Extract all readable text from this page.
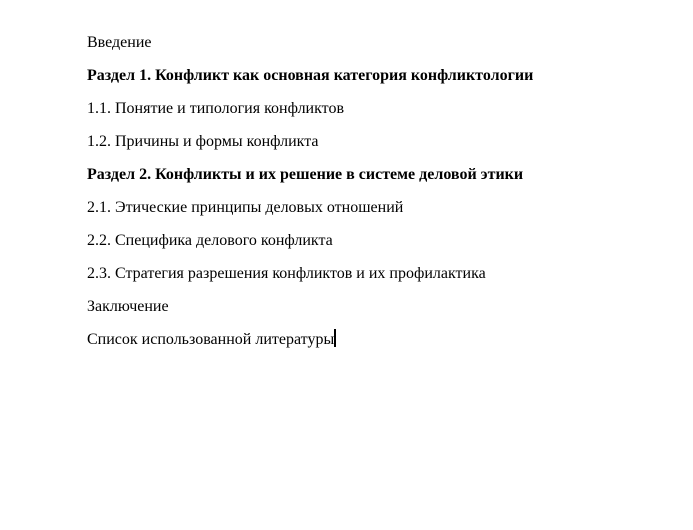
Введение

Раздел 1. Конфликт как основная категория конфликтологии

1.1. Понятие и типология конфликтов

1.2. Причины и формы конфликта

Раздел 2. Конфликты и их решение в системе деловой этики

2.1. Этические принципы деловых отношений

2.2. Специфика делового конфликта

2.3. Стратегия разрешения конфликтов и их профилактика

Заключение

Список использованной литературы
